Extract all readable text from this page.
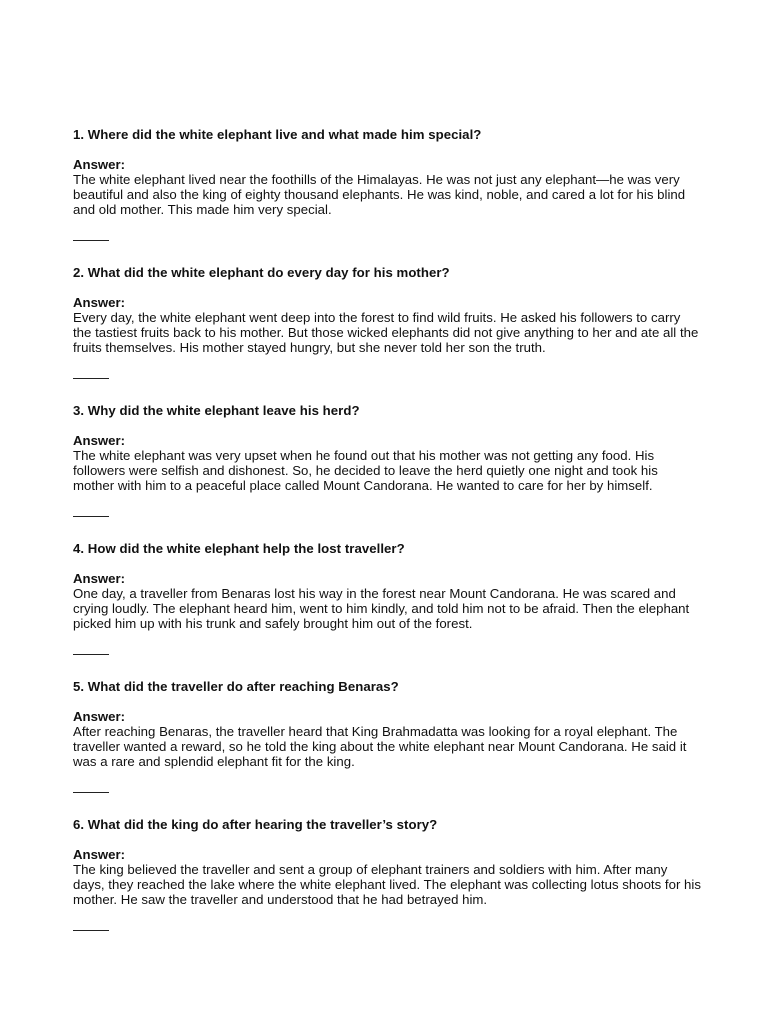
1. Where did the white elephant live and what made him special?

Answer:

The white elephant lived near the foothills of the Himalayas. He was not just any elephant—he was very beautiful and also the king of eighty thousand elephants. He was kind, noble, and cared a lot for his blind and old mother. This made him very special.

2. What did the white elephant do every day for his mother?

Answer:

Every day, the white elephant went deep into the forest to find wild fruits. He asked his followers to carry the tastiest fruits back to his mother. But those wicked elephants did not give anything to her and ate all the fruits themselves. His mother stayed hungry, but she never told her son the truth.

3. Why did the white elephant leave his herd?

Answer:

The white elephant was very upset when he found out that his mother was not getting any food. His followers were selfish and dishonest. So, he decided to leave the herd quietly one night and took his mother with him to a peaceful place called Mount Candorana. He wanted to care for her by himself.

4. How did the white elephant help the lost traveller?

Answer:

One day, a traveller from Benaras lost his way in the forest near Mount Candorana. He was scared and crying loudly. The elephant heard him, went to him kindly, and told him not to be afraid. Then the elephant picked him up with his trunk and safely brought him out of the forest.

5. What did the traveller do after reaching Benaras?

Answer:

After reaching Benaras, the traveller heard that King Brahmadatta was looking for a royal elephant. The traveller wanted a reward, so he told the king about the white elephant near Mount Candorana. He said it was a rare and splendid elephant fit for the king.

6. What did the king do after hearing the traveller’s story?

Answer:

The king believed the traveller and sent a group of elephant trainers and soldiers with him. After many days, they reached the lake where the white elephant lived. The elephant was collecting lotus shoots for his mother. He saw the traveller and understood that he had betrayed him.
